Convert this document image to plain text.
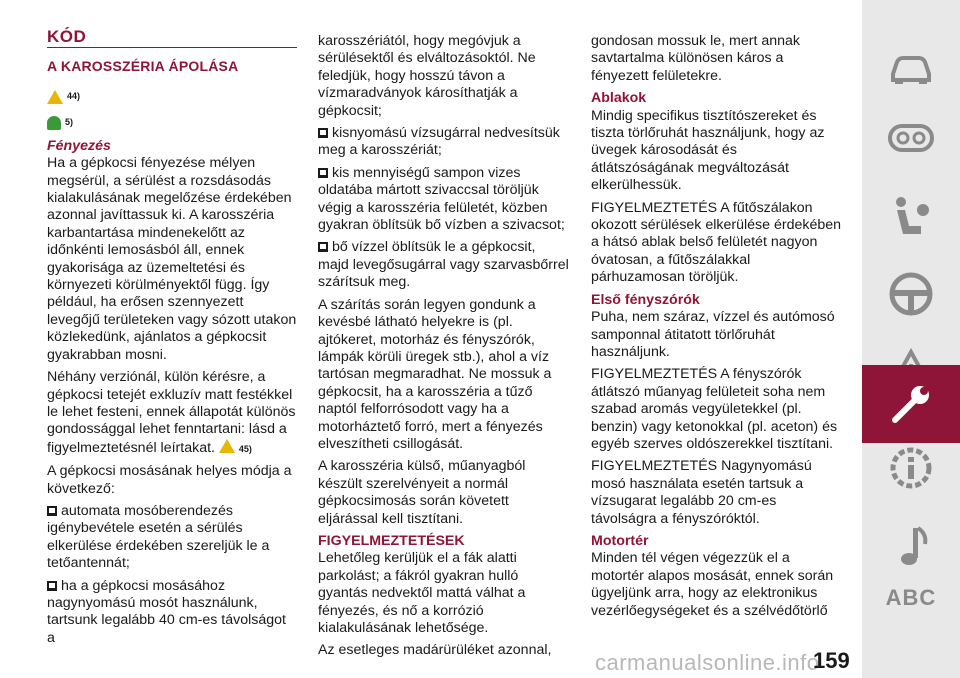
KÓD
A KAROSSZÉRIA ÁPOLÁSA
44)
5)
Fényezés

Ha a gépkocsi fényezése mélyen megsérül, a sérülést a rozsdásodás kialakulásának megelőzése érdekében azonnal javíttassuk ki. A karosszéria karbantartása mindenekelőtt az időnkénti lemosásból áll, ennek gyakorisága az üzemeltetési és környezeti körülményektől függ. Így például, ha erősen szennyezett levegőjű területeken vagy sózott utakon közlekedünk, ajánlatos a gépkocsit gyakrabban mosni.

Néhány verziónál, külön kérésre, a gépkocsi tetejét exkluzív matt festékkel le lehet festeni, ennek állapotát különös gondossággal lehet fenntartani: lásd a figyelmeztetésnél leírtakat.	45)

A gépkocsi mosásának helyes módja a következő:

automata mosóberendezés igénybevétele esetén a sérülés elkerülése érdekében szereljük le a tetőantennát;

ha a gépkocsi mosásához nagynyomású mosót használunk, tartsunk legalább 40 cm-es távolságot a

karosszériától, hogy megóvjuk a sérülésektől és elváltozásoktól. Ne feledjük, hogy hosszú távon a vízmaradványok károsíthatják a gépkocsit;

kisnyomású vízsugárral nedvesítsük meg a karosszériát;

kis mennyiségű sampon vizes oldatába mártott szivaccsal töröljük végig a karosszéria felületét, közben gyakran öblítsük bő vízben a szivacsot;

bő vízzel öblítsük le a gépkocsit, majd levegősugárral vagy szarvasbőrrel szárítsuk meg.

A szárítás során legyen gondunk a kevésbé látható helyekre is (pl. ajtókeret, motorház és fényszórók, lámpák körüli üregek stb.), ahol a víz tartósan megmaradhat. Ne mossuk a gépkocsit, ha a karosszéria a tűző naptól felforrósodott vagy ha a motorháztető forró, mert a fényezés elveszítheti csillogását.

A karosszéria külső, műanyagból készült szerelvényeit a normál gépkocsimosás során követett eljárással kell tisztítani.

FIGYELMEZTETÉSEK

Lehetőleg kerüljük el a fák alatti parkolást; a fákról gyakran hulló gyantás nedvektől mattá válhat a fényezés, és nő a korrózió kialakulásának lehetősége.

Az esetleges madárürüléket azonnal,

gondosan mossuk le, mert annak savtartalma különösen káros a fényezett felületekre.

Ablakok

Mindig specifikus tisztítószereket és tiszta törlőruhát használjunk, hogy az üvegek károsodását és átlátszóságának megváltozását elkerülhessük.

FIGYELMEZTETÉS A fűtőszálakon okozott sérülések elkerülése érdekében a hátsó ablak belső felületét nagyon óvatosan, a fűtőszálakkal párhuzamosan töröljük.

Első fényszórók

Puha, nem száraz, vízzel és autómosó samponnal átitatott törlőruhát használjunk.

FIGYELMEZTETÉS A fényszórók átlátszó műanyag felületeit soha nem szabad aromás vegyületekkel (pl. benzin) vagy ketonokkal (pl. aceton) és egyéb szerves oldószerekkel tisztítani.

FIGYELMEZTETÉS Nagynyomású mosó használata esetén tartsuk a vízsugarat legalább 20 cm-es távolságra a fényszóróktól.

Motortér

Minden tél végen végezzük el a motortér alapos mosását, ennek során ügyeljünk arra, hogy az elektronikus vezérlőegységeket és a szélvédőtörlő

ABC
carmanualsonline.info
159
